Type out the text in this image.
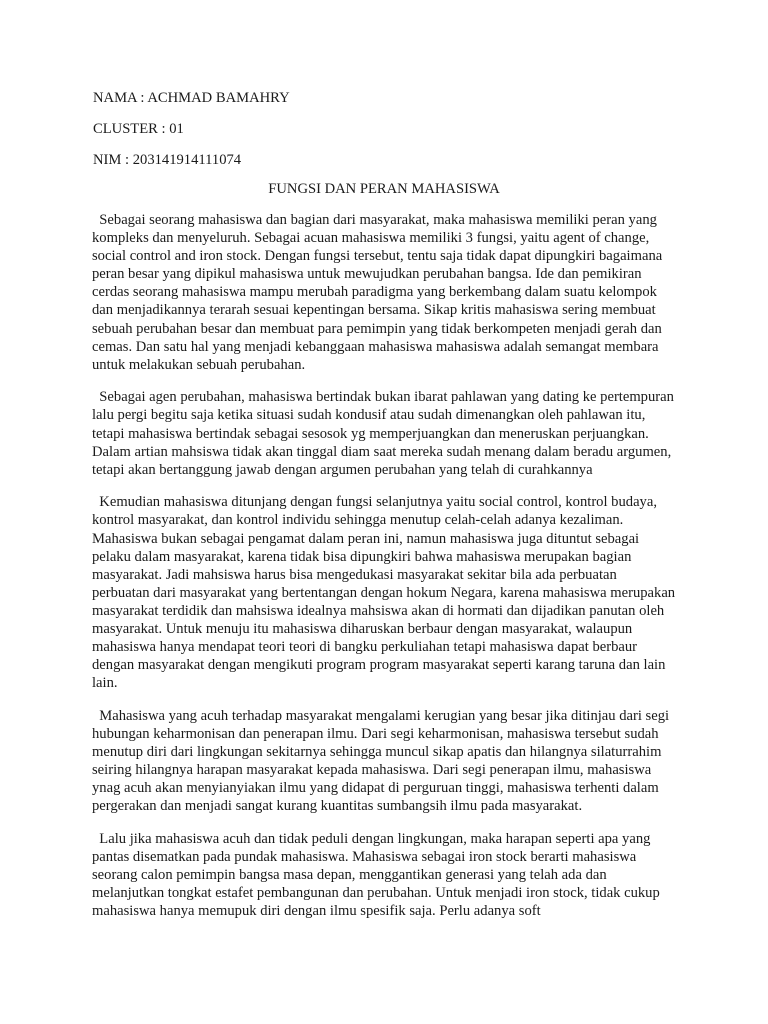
NAMA : ACHMAD BAMAHRY

CLUSTER : 01

NIM : 203141914111074

FUNGSI DAN PERAN MAHASISWA

Sebagai seorang mahasiswa dan bagian dari masyarakat, maka mahasiswa memiliki peran yang kompleks dan menyeluruh. Sebagai acuan mahasiswa memiliki 3 fungsi, yaitu agent of change, social control and iron stock. Dengan fungsi tersebut, tentu saja tidak dapat dipungkiri bagaimana peran besar yang dipikul mahasiswa untuk mewujudkan perubahan bangsa. Ide dan pemikiran cerdas seorang mahasiswa mampu merubah paradigma yang berkembang dalam suatu kelompok dan menjadikannya terarah sesuai kepentingan bersama. Sikap kritis mahasiswa sering membuat sebuah perubahan besar dan membuat para pemimpin yang tidak berkompeten menjadi gerah dan cemas. Dan satu hal yang menjadi kebanggaan mahasiswa mahasiswa adalah semangat membara untuk melakukan sebuah perubahan.

Sebagai agen perubahan, mahasiswa bertindak bukan ibarat pahlawan yang dating ke pertempuran lalu pergi begitu saja ketika situasi sudah kondusif atau sudah dimenangkan oleh pahlawan itu, tetapi mahasiswa bertindak sebagai sesosok yg memperjuangkan dan meneruskan perjuangkan. Dalam artian mahsiswa tidak akan tinggal diam saat mereka sudah menang dalam beradu argumen, tetapi akan bertanggung jawab dengan argumen perubahan yang telah di curahkannya

Kemudian mahasiswa ditunjang dengan fungsi selanjutnya yaitu social control, kontrol budaya, kontrol masyarakat, dan kontrol individu sehingga menutup celah-celah adanya kezaliman. Mahasiswa bukan sebagai pengamat dalam peran ini, namun mahasiswa juga dituntut sebagai pelaku dalam masyarakat, karena tidak bisa dipungkiri bahwa mahasiswa merupakan bagian masyarakat. Jadi mahsiswa harus bisa mengedukasi masyarakat sekitar bila ada perbuatan perbuatan dari masyarakat yang bertentangan dengan hokum Negara, karena mahasiswa merupakan masyarakat terdidik dan mahsiswa idealnya mahsiswa akan di hormati dan dijadikan panutan oleh masyarakat. Untuk menuju itu mahasiswa diharuskan berbaur dengan masyarakat, walaupun mahasiswa hanya mendapat teori teori di bangku perkuliahan tetapi mahasiswa dapat berbaur dengan masyarakat dengan mengikuti program program masyarakat seperti karang taruna dan lain lain.

Mahasiswa yang acuh terhadap masyarakat mengalami kerugian yang besar jika ditinjau dari segi hubungan keharmonisan dan penerapan ilmu. Dari segi keharmonisan, mahasiswa tersebut sudah menutup diri dari lingkungan sekitarnya sehingga muncul sikap apatis dan hilangnya silaturrahim seiring hilangnya harapan masyarakat kepada mahasiswa. Dari segi penerapan ilmu, mahasiswa ynag acuh akan menyianyiakan ilmu yang didapat di perguruan tinggi, mahasiswa terhenti dalam pergerakan dan menjadi sangat kurang kuantitas sumbangsih ilmu pada masyarakat.

Lalu jika mahasiswa acuh dan tidak peduli dengan lingkungan, maka harapan seperti apa yang pantas disematkan pada pundak mahasiswa. Mahasiswa sebagai iron stock berarti mahasiswa seorang calon pemimpin bangsa masa depan, menggantikan generasi yang telah ada dan melanjutkan tongkat estafet pembangunan dan perubahan. Untuk menjadi iron stock, tidak cukup mahasiswa hanya memupuk diri dengan ilmu spesifik saja. Perlu adanya soft
